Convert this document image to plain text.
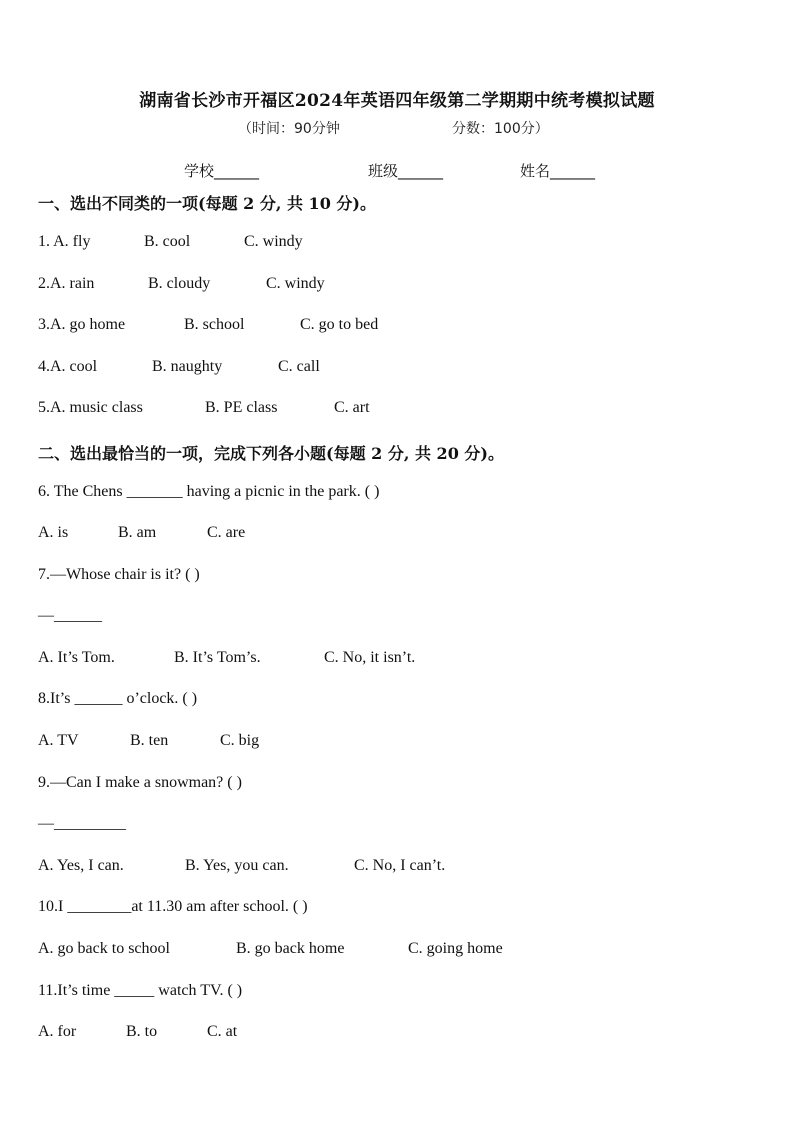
湖南省长沙市开福区2024年英语四年级第二学期期中统考模拟试题
（时间：90分钟	分数：100分）
学校______	班级______	姓名______
一、选出不同类的一项(每题 2 分, 共 10 分)。
1. A. fly	B. cool	C. windy
2.A. rain	B. cloudy	C. windy
3.A. go home	B. school	C. go to bed
4.A. cool	B. naughty	C. call
5.A. music class	B. PE class	C. art
二、选出最恰当的一项，完成下列各小题(每题 2 分, 共 20 分)。
6. The Chens _______ having a picnic in the park. ( )
A. is	B. am	C. are
7.—Whose chair is it? ( )
—______
A. It’s Tom.	B. It’s Tom’s.	C. No, it isn’t.
8.It’s ______ o’clock. ( )
A. TV	B. ten	C. big
9.—Can I make a snowman? ( )
—_________
A. Yes, I can.	B. Yes, you can.	C. No, I can’t.
10.I ________at 11.30 am after school. ( )
A. go back to school	B. go back home	C. going home
11.It’s time _____ watch TV. ( )
A. for	B. to	C. at
